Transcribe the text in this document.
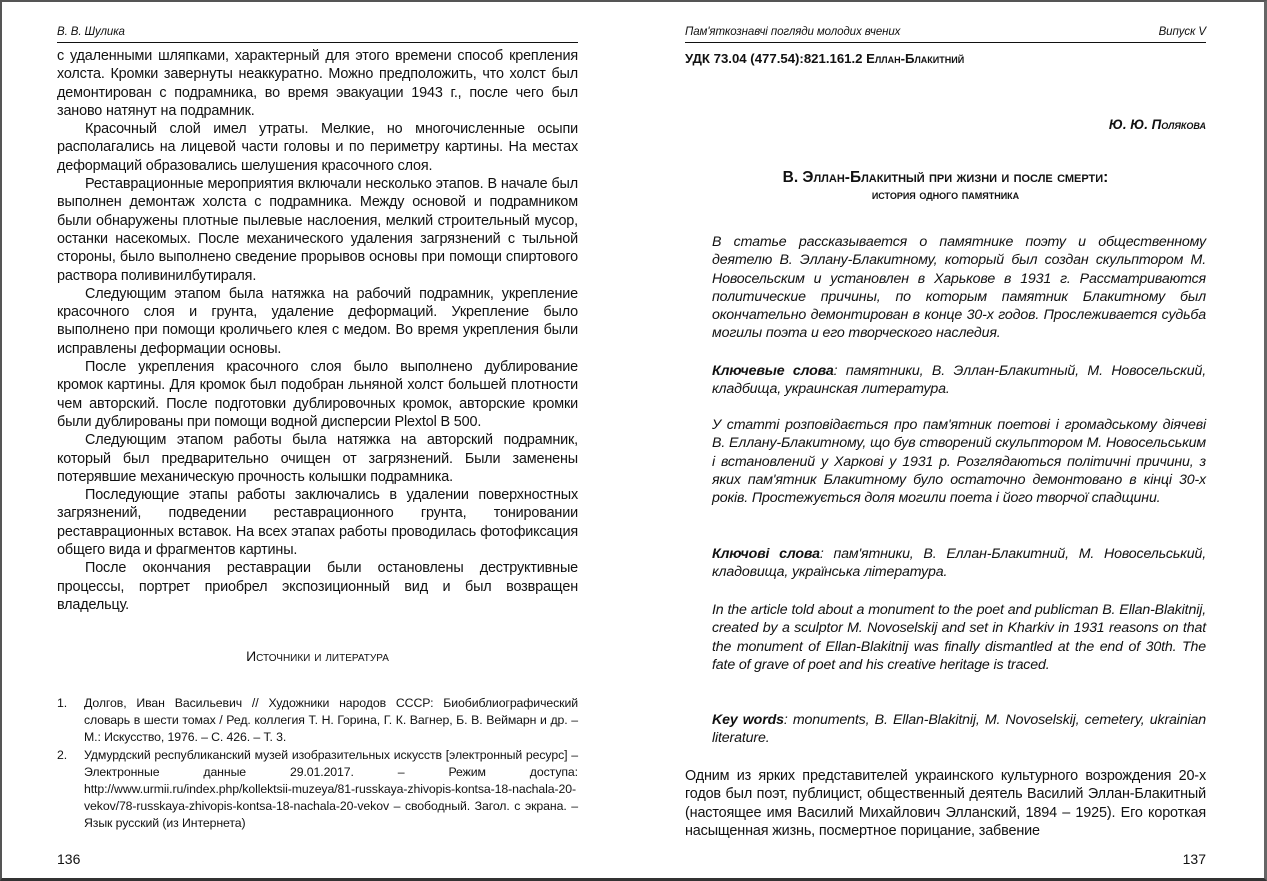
В. В. Шулика

с удаленными шляпками, характерный для этого времени способ крепления холста. Кромки завернуты неаккуратно. Можно предположить, что холст был демонтирован с подрамника, во время эвакуации 1943 г., после чего был заново натянут на подрамник.

Красочный слой имел утраты. Мелкие, но многочисленные осыпи располагались на лицевой части головы и по периметру картины. На местах деформаций образовались шелушения красочного слоя.

Реставрационные мероприятия включали несколько этапов. В начале был выполнен демонтаж холста с подрамника. Между основой и подрамником были обнаружены плотные пылевые наслоения, мелкий строительный мусор, останки насекомых. После механического удаления загрязнений с тыльной стороны, было выполнено сведение прорывов основы при помощи спиртового раствора поливинилбутираля.

Следующим этапом была натяжка на рабочий подрамник, укрепление красочного слоя и грунта, удаление деформаций. Укрепление было выполнено при помощи кроличьего клея с медом. Во время укрепления были исправлены деформации основы.

После укрепления красочного слоя было выполнено дублирование кромок картины. Для кромок был подобран льняной холст большей плотности чем авторский. После подготовки дублировочных кромок, авторские кромки были дублированы при помощи водной дисперсии Plextol B 500.

Следующим этапом работы была натяжка на авторский подрамник, который был предварительно очищен от загрязнений. Были заменены потерявшие механическую прочность колышки подрамника.

Последующие этапы работы заключались в удалении поверхностных загрязнений, подведении реставрационного грунта, тонировании реставрационных вставок. На всех этапах работы проводилась фотофиксация общего вида и фрагментов картины.

После окончания реставрации были остановлены деструктивные процессы, портрет приобрел экспозиционный вид и был возвращен владельцу.

Источники и литература
1.	Долгов, Иван Васильевич // Художники народов СССР: Биобиблиографический словарь в шести томах / Ред. коллегия Т. Н. Горина, Г. К. Вагнер, Б. В. Веймарн и др. – М.: Искусство, 1976. – С. 426. – Т. 3.
2.	Удмурдский республиканский музей изобразительных искусств [электронный ресурс] – Электронные данные 29.01.2017. – Режим доступа: http://www.urmii.ru/index.php/kollektsii-muzeya/81-russkaya-zhivopis-kontsa-18-nachala-20-vekov/78-russkaya-zhivopis-kontsa-18-nachala-20-vekov – свободный. Загол. с экрана. – Язык русский (из Интернета)
136
Пам'яткознавчі погляди молодих вчених	Випуск V
УДК 73.04 (477.54):821.161.2 Еллан-Блакитний
Ю. Ю. Полякова
В. Эллан-Блакитный при жизни и после смерти:
история одного памятника
В статье рассказывается о памятнике поэту и общественному деятелю В. Эллану-Блакитному, который был создан скульптором М. Новосельским и установлен в Харькове в 1931 г. Рассматриваются политические причины, по которым памятник Блакитному был окончательно демонтирован в конце 30-х годов. Прослеживается судьба могилы поэта и его творческого наследия.
Ключевые слова: памятники, В. Эллан-Блакитный, М. Новосельский, кладбища, украинская литература.
У статті розповідається про пам'ятник поетові і громадському діячеві В. Еллану-Блакитному, що був створений скульптором М. Новосельським і встановлений у Харкові у 1931 р. Розглядаються політичні причини, з яких пам'ятник Блакитному було остаточно демонтовано в кінці 30-х років. Простежується доля могили поета і його творчої спадщини.
Ключові слова: пам'ятники, В. Еллан-Блакитний, М. Новосельський, кладовища, українська література.
In the article told about a monument to the poet and publicman B. Ellan-Blakitnij, created by a sculptor M. Novoselskij and set in Kharkiv in 1931 reasons on that the monument of Ellan-Blakitnij was finally dismantled at the end of 30th. The fate of grave of poet and his creative heritage is traced.
Key words: monuments, B. Ellan-Blakitnij, M. Novoselskij, cemetery, ukrainian literature.

Одним из ярких представителей украинского культурного возрождения 20-х годов был поэт, публицист, общественный деятель Василий Эллан-Блакитный (настоящее имя Василий Михайлович Элланский, 1894 – 1925). Его короткая насыщенная жизнь, посмертное порицание, забвение

137
